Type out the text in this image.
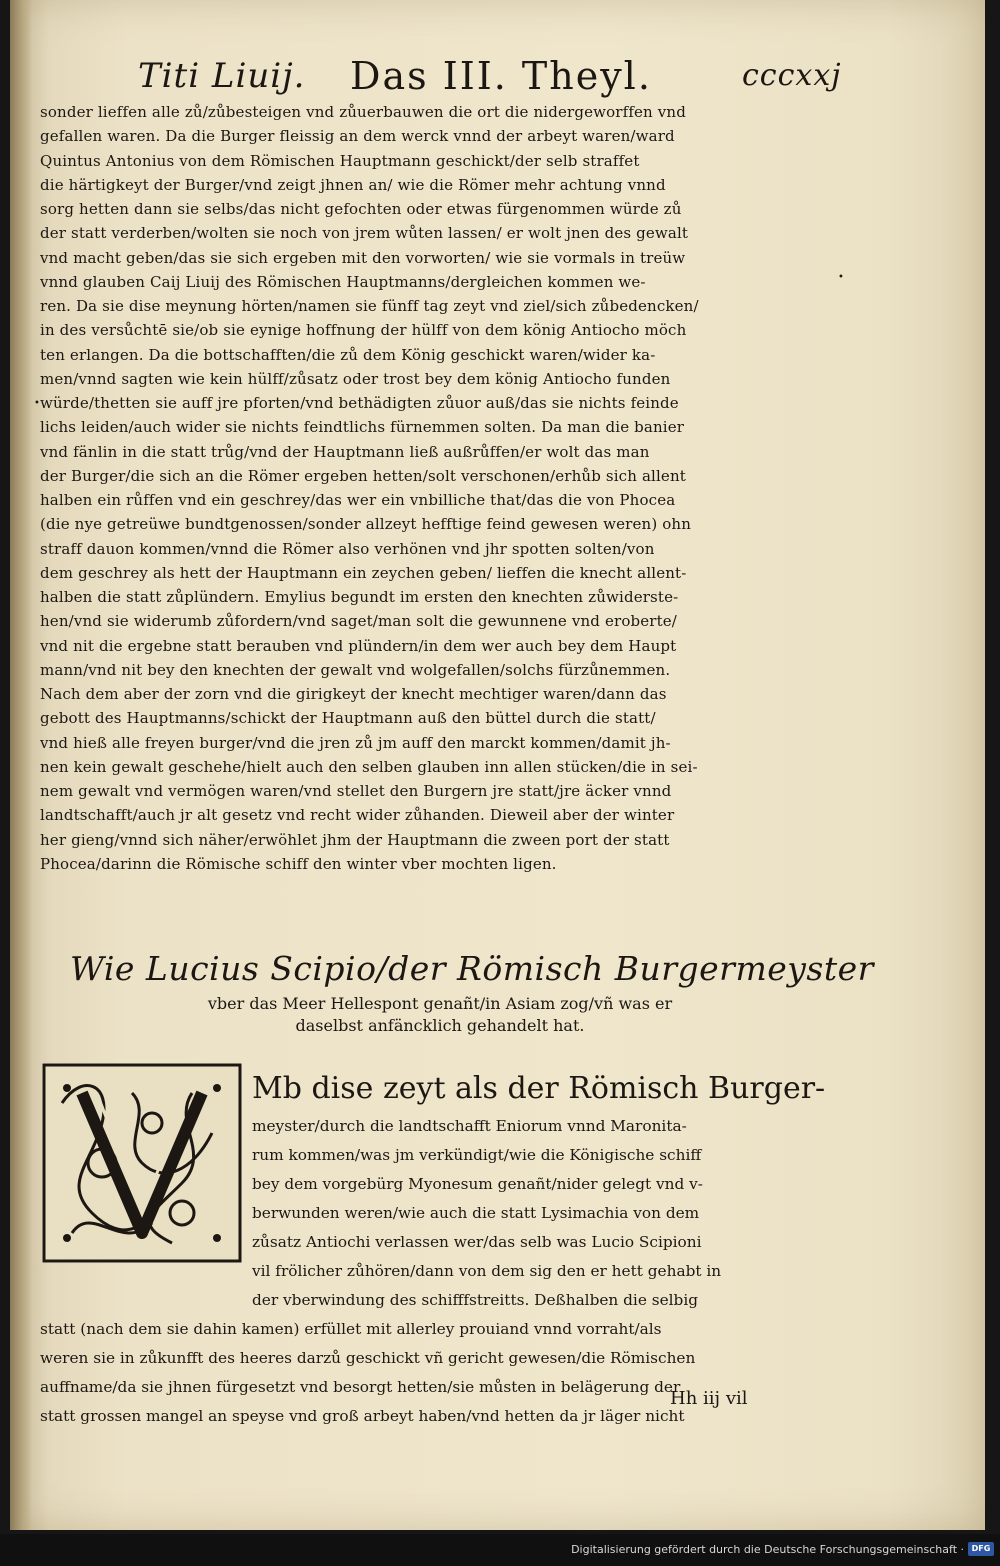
Titi Liuij. Das III. Theyl.	cccxxj
•
•
sonder lieffen alle zů/zůbesteigen vnd zůuerbauwen die ort die nidergeworffen vnd
gefallen waren. Da die Burger fleissig an dem werck vnnd der arbeyt waren/ward
Quintus Antonius von dem Römischen Hauptmann geschickt/der selb straffet
die härtigkeyt der Burger/vnd zeigt jhnen an/ wie die Römer mehr achtung vnnd
sorg hetten dann sie selbs/das nicht gefochten oder etwas fürgenommen würde zů
der statt verderben/wolten sie noch von jrem wůten lassen/ er wolt jnen des gewalt
vnd macht geben/das sie sich ergeben mit den vorworten/ wie sie vormals in treüw
vnnd glauben Caij Liuij des Römischen Hauptmanns/dergleichen kommen we-
ren. Da sie dise meynung hörten/namen sie fünff tag zeyt vnd ziel/sich zůbedencken/
in des versůchtē sie/ob sie eynige hoffnung der hülff von dem könig Antiocho möch
ten erlangen. Da die bottschafften/die zů dem König geschickt waren/wider ka-
men/vnnd sagten wie kein hülff/zůsatz oder trost bey dem könig Antiocho funden
würde/thetten sie auff jre pforten/vnd bethädigten zůuor auß/das sie nichts feinde
lichs leiden/auch wider sie nichts feindtlichs fürnemmen solten. Da man die banier
vnd fänlin in die statt trůg/vnd der Hauptmann ließ außrůffen/er wolt das man
der Burger/die sich an die Römer ergeben hetten/solt verschonen/erhůb sich allent
halben ein růffen vnd ein geschrey/das wer ein vnbilliche that/das die von Phocea
(die nye getreüwe bundtgenossen/sonder allzeyt hefftige feind gewesen weren) ohn
straff dauon kommen/vnnd die Römer also verhönen vnd jhr spotten solten/von
dem geschrey als hett der Hauptmann ein zeychen geben/ lieffen die knecht allent-
halben die statt zůplündern. Emylius begundt im ersten den knechten zůwiderste-
hen/vnd sie widerumb zůfordern/vnd saget/man solt die gewunnene vnd eroberte/
vnd nit die ergebne statt berauben vnd plündern/in dem wer auch bey dem Haupt
mann/vnd nit bey den knechten der gewalt vnd wolgefallen/solchs fürzůnemmen.
Nach dem aber der zorn vnd die girigkeyt der knecht mechtiger waren/dann das
gebott des Hauptmanns/schickt der Hauptmann auß den büttel durch die statt/
vnd hieß alle freyen burger/vnd die jren zů jm auff den marckt kommen/damit jh-
nen kein gewalt geschehe/hielt auch den selben glauben inn allen stücken/die in sei-
nem gewalt vnd vermögen waren/vnd stellet den Burgern jre statt/jre äcker vnnd
landtschafft/auch jr alt gesetz vnd recht wider zůhanden. Dieweil aber der winter
her gieng/vnnd sich näher/erwöhlet jhm der Hauptmann die zween port der statt
Phocea/darinn die Römische schiff den winter vber mochten ligen.
Wie Lucius Scipio/der Römisch Burgermeyster
vber das Meer Hellespont genañt/in Asiam zog/vñ was er
daselbst anfäncklich gehandelt hat.
Mb dise zeyt als der Römisch Burger-
meyster/durch die landtschafft Eniorum vnnd Maronita-
rum kommen/was jm verkündigt/wie die Königische schiff
bey dem vorgebürg Myonesum genañt/nider gelegt vnd v-
berwunden weren/wie auch die statt Lysimachia von dem
zůsatz Antiochi verlassen wer/das selb was Lucio Scipioni
vil frölicher zůhören/dann von dem sig den er hett gehabt in
der vberwindung des schifffstreitts. Deßhalben die selbig
statt (nach dem sie dahin kamen) erfüllet mit allerley prouiand vnnd vorraht/als
weren sie in zůkunfft des heeres darzů geschickt vñ gericht gewesen/die Römischen
auffname/da sie jhnen fürgesetzt vnd besorgt hetten/sie můsten in belägerung der
statt grossen mangel an speyse vnd groß arbeyt haben/vnd hetten da jr läger nicht
Hh iij vil
Digitalisierung gefördert durch die Deutsche Forschungsgemeinschaft · DFG
